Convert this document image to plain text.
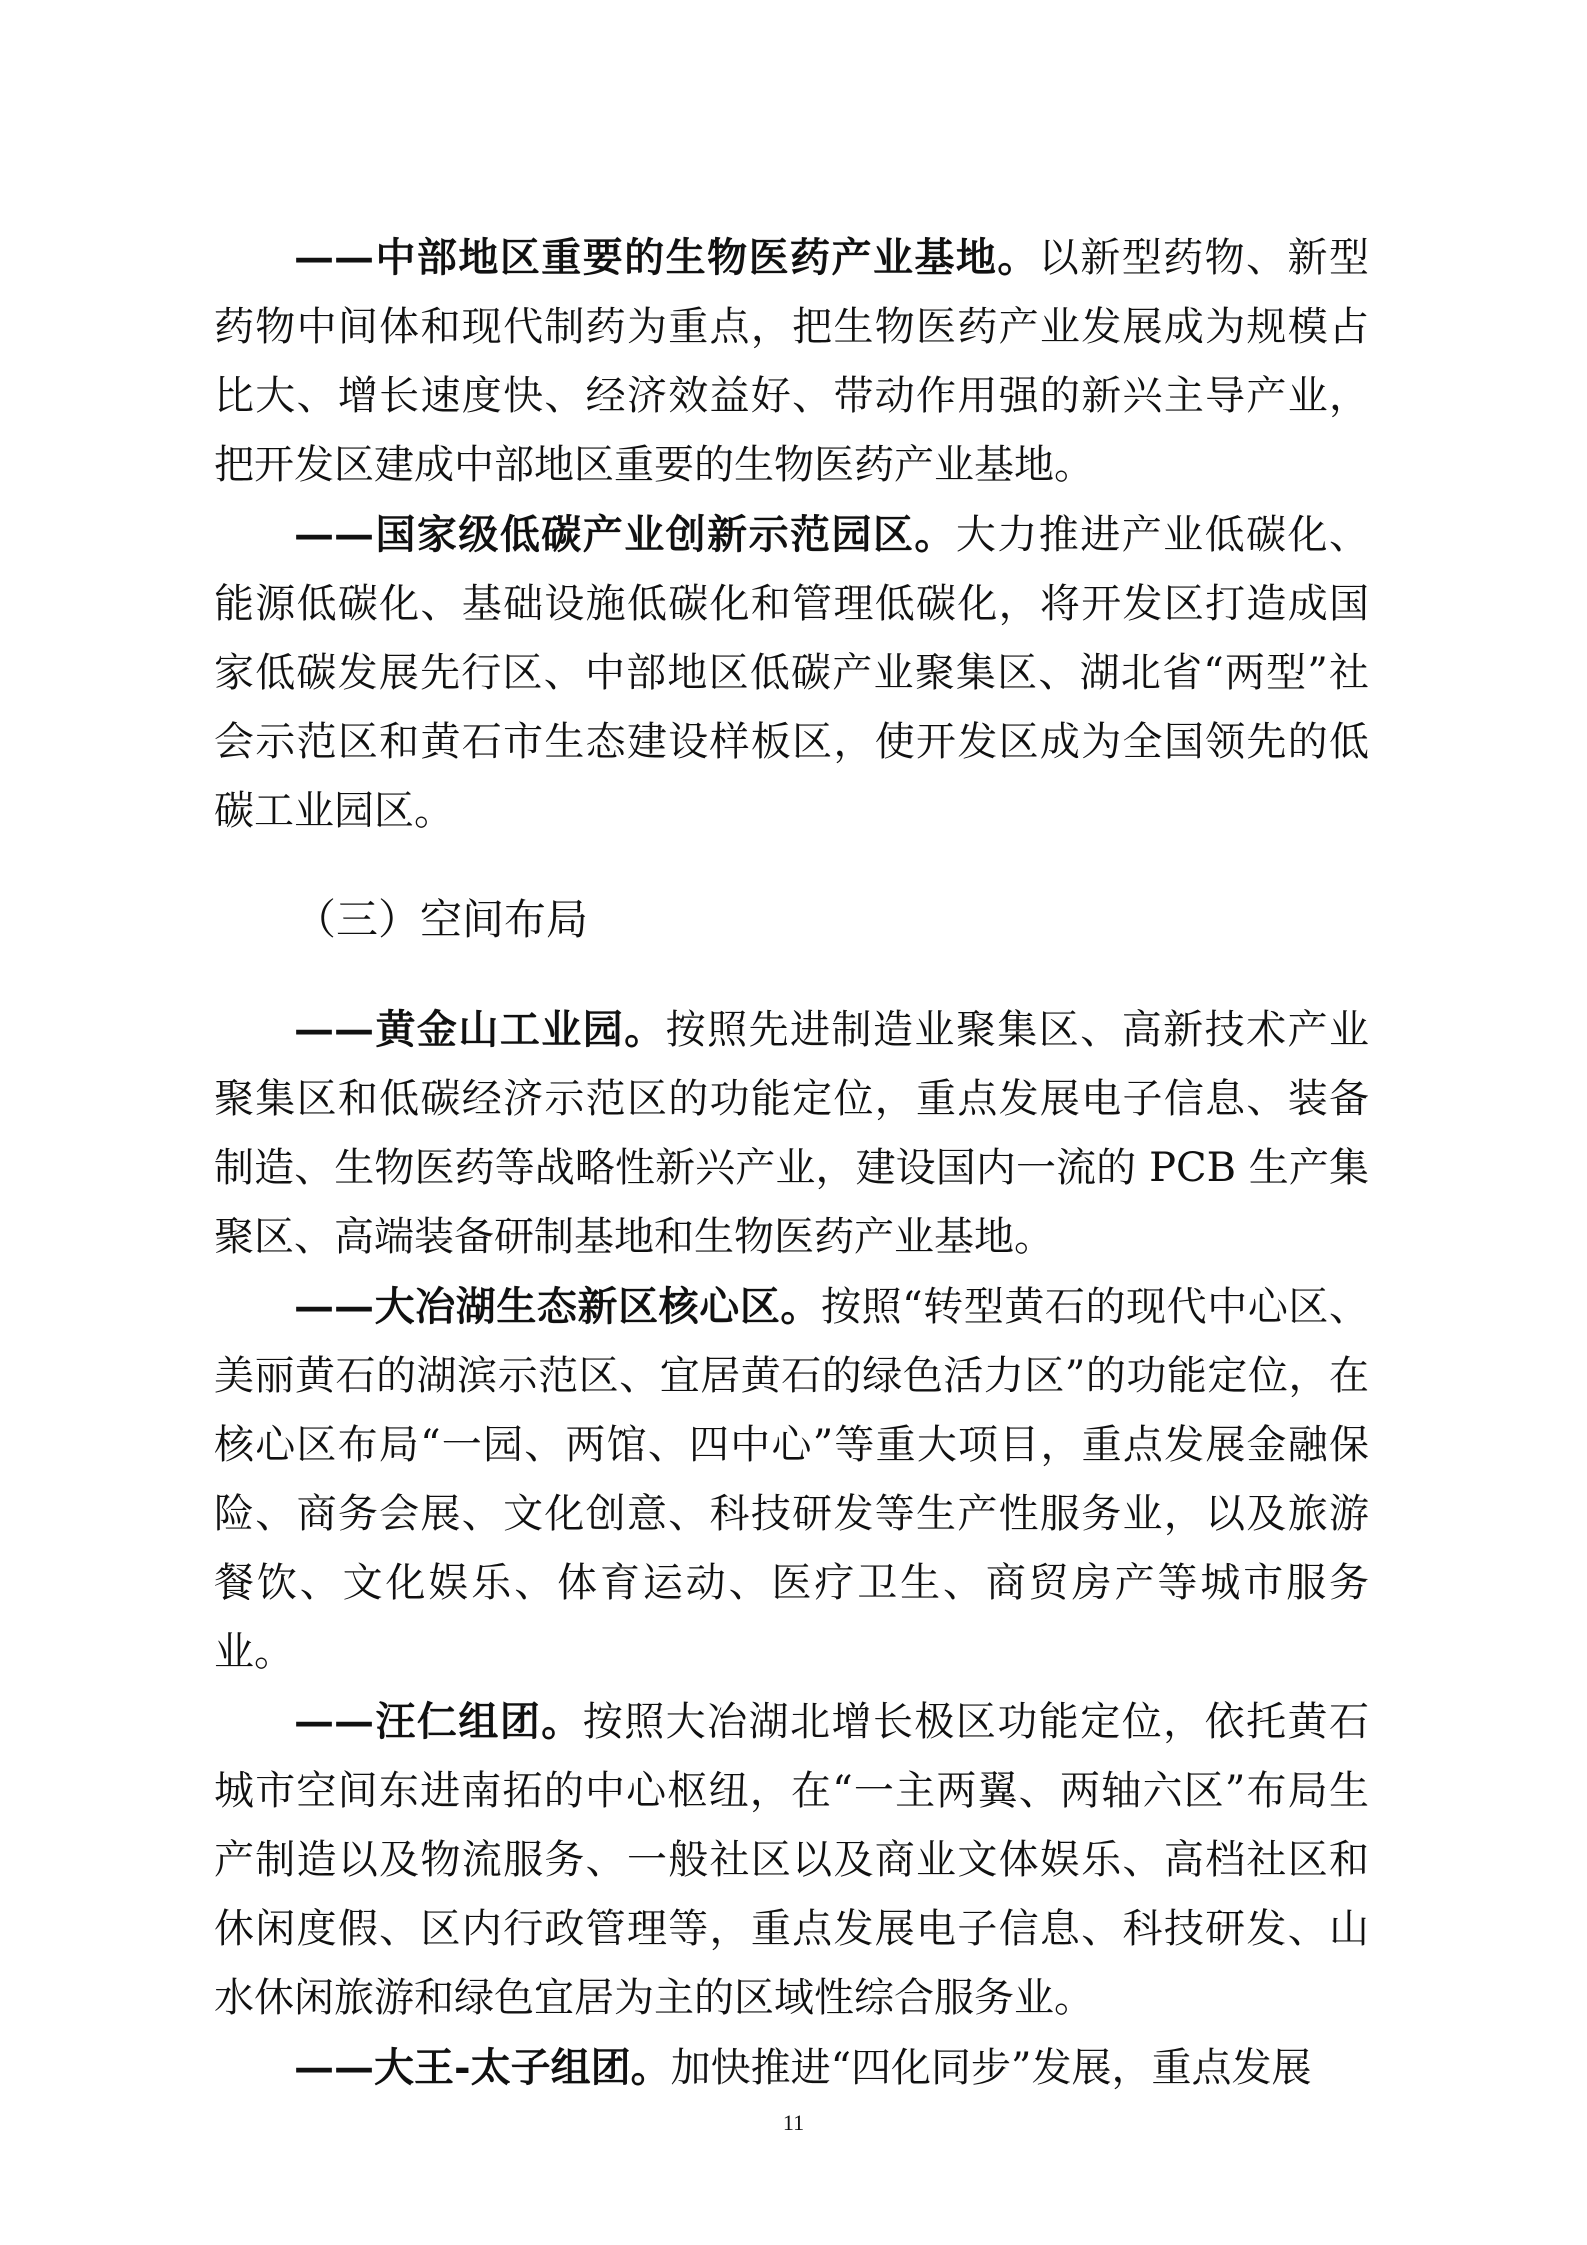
——中部地区重要的生物医药产业基地。以新型药物、新型药物中间体和现代制药为重点，把生物医药产业发展成为规模占比大、增长速度快、经济效益好、带动作用强的新兴主导产业，把开发区建成中部地区重要的生物医药产业基地。

——国家级低碳产业创新示范园区。大力推进产业低碳化、能源低碳化、基础设施低碳化和管理低碳化，将开发区打造成国家低碳发展先行区、中部地区低碳产业聚集区、湖北省“两型”社会示范区和黄石市生态建设样板区，使开发区成为全国领先的低碳工业园区。

（三）空间布局

——黄金山工业园。按照先进制造业聚集区、高新技术产业聚集区和低碳经济示范区的功能定位，重点发展电子信息、装备制造、生物医药等战略性新兴产业，建设国内一流的 PCB 生产集聚区、高端装备研制基地和生物医药产业基地。

——大冶湖生态新区核心区。按照“转型黄石的现代中心区、美丽黄石的湖滨示范区、宜居黄石的绿色活力区”的功能定位，在核心区布局“一园、两馆、四中心”等重大项目，重点发展金融保险、商务会展、文化创意、科技研发等生产性服务业，以及旅游餐饮、文化娱乐、体育运动、医疗卫生、商贸房产等城市服务业。

——汪仁组团。按照大冶湖北增长极区功能定位，依托黄石城市空间东进南拓的中心枢纽，在“一主两翼、两轴六区”布局生产制造以及物流服务、一般社区以及商业文体娱乐、高档社区和休闲度假、区内行政管理等，重点发展电子信息、科技研发、山水休闲旅游和绿色宜居为主的区域性综合服务业。

——大王-太子组团。加快推进“四化同步”发展，重点发展

11
